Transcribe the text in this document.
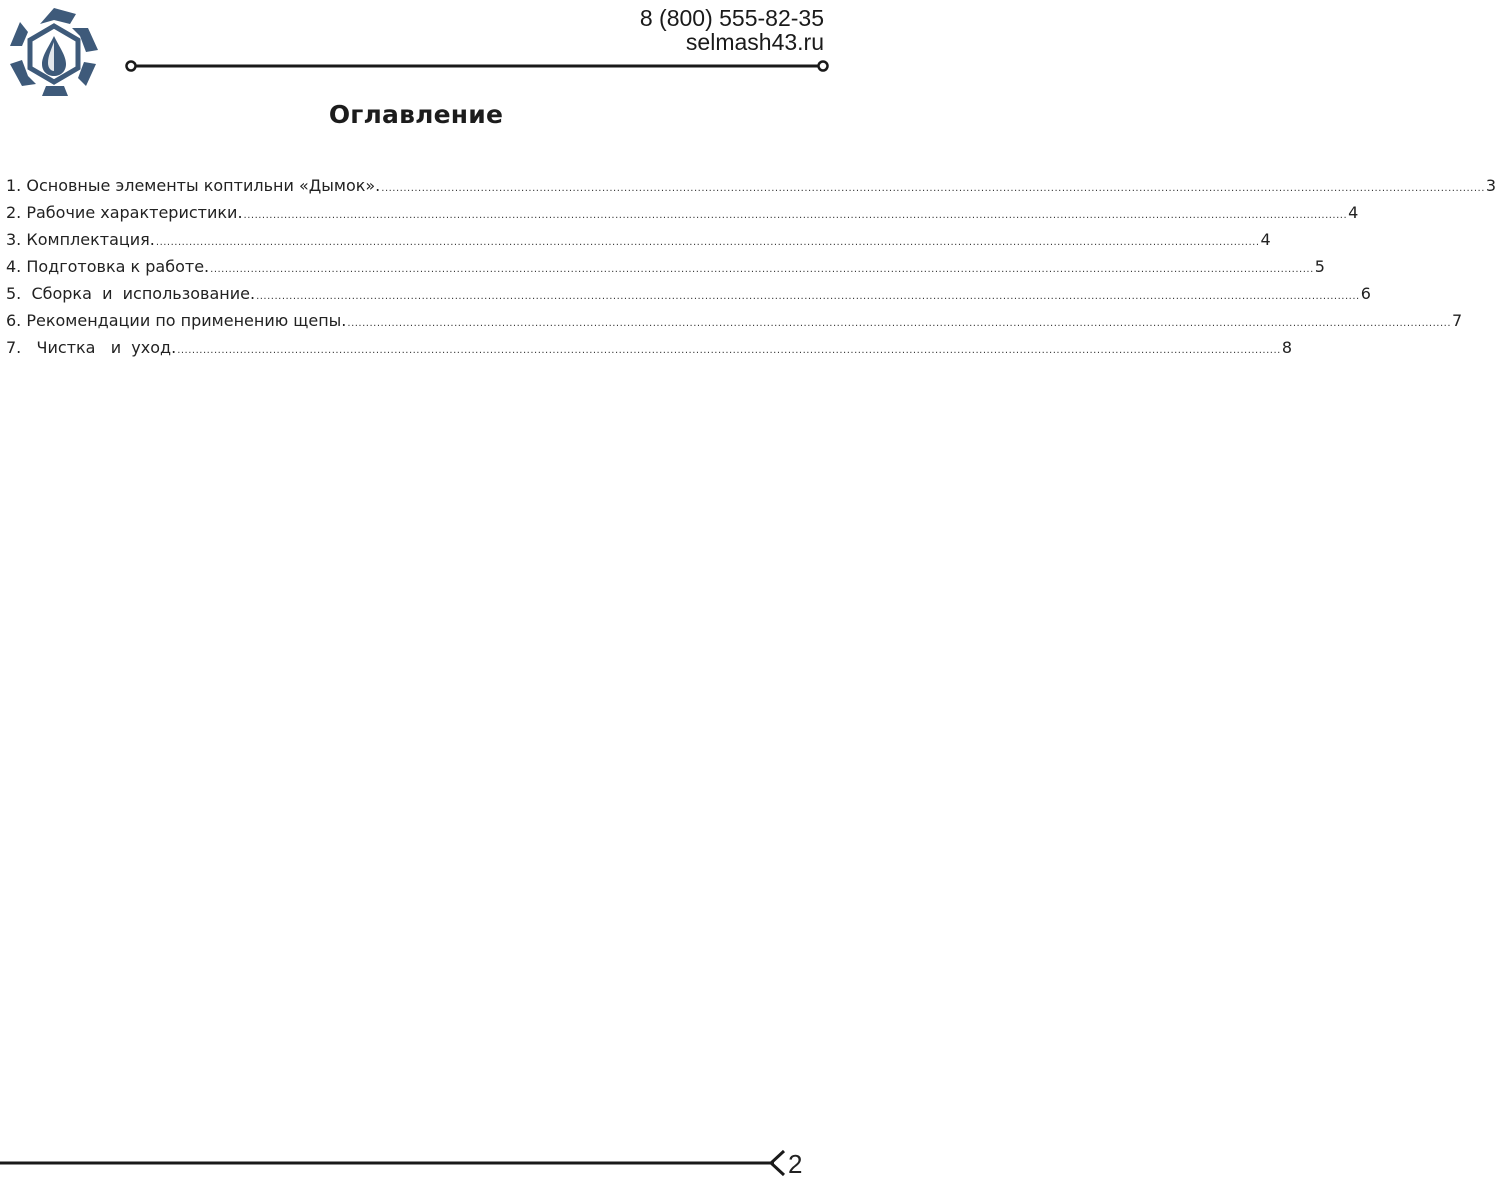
8 (800) 555-82-35
selmash43.ru
Оглавление
1. Основные элементы коптильни «Дымок». ............................................................................................................................................................................................................................................................................................................ 3
2. Рабочие характеристики. ............................................................................................................................................................................................................................................................................................................ 4
3. Комплектация. ............................................................................................................................................................................................................................................................................................................ 4
4. Подготовка к работе. ............................................................................................................................................................................................................................................................................................................ 5
5.  Сборка  и  использование. ............................................................................................................................................................................................................................................................................................................ 6
6. Рекомендации по применению щепы. ............................................................................................................................................................................................................................................................................................................ 7
7.   Чистка   и  уход. ............................................................................................................................................................................................................................................................................................................ 8
2
